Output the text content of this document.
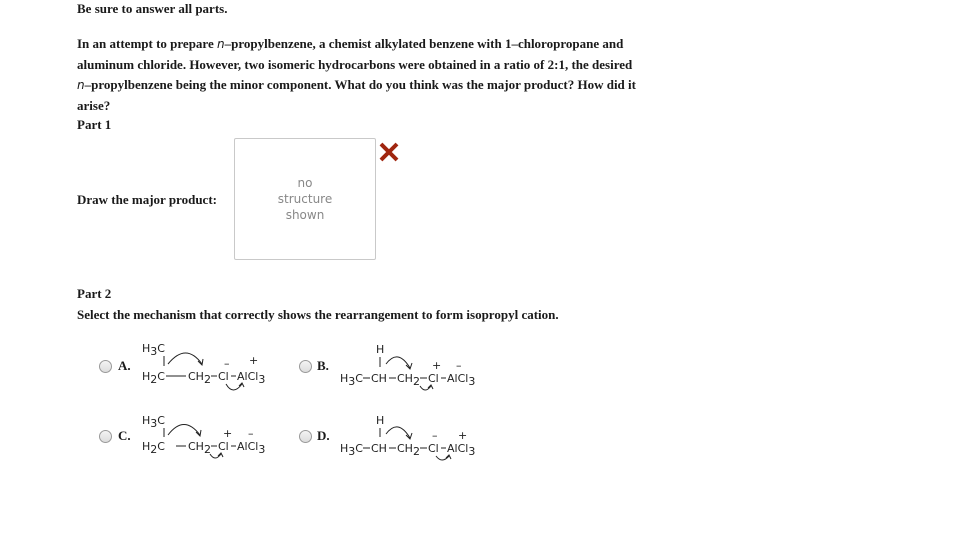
Be sure to answer all parts.
In an attempt to prepare n–propylbenzene, a chemist alkylated benzene with 1–chloropropane and aluminum chloride. However, two isomeric hydrocarbons were obtained in a ratio of 2:1, the desired n–propylbenzene being the minor component. What do you think was the major product? How did it arise?
Part 1
Draw the major product:
no
structure
shown
Part 2
Select the mechanism that correctly shows the rearrangement to form isopropyl cation.
A.
H3C
H2C CH2 Cl AlCl3
– +	B.
H
H3C CH CH2 Cl AlCl3
+ –
C.
H3C
H2C CH2 Cl AlCl3
+ –	D.
H
H3C CH CH2 Cl AlCl3
– +
